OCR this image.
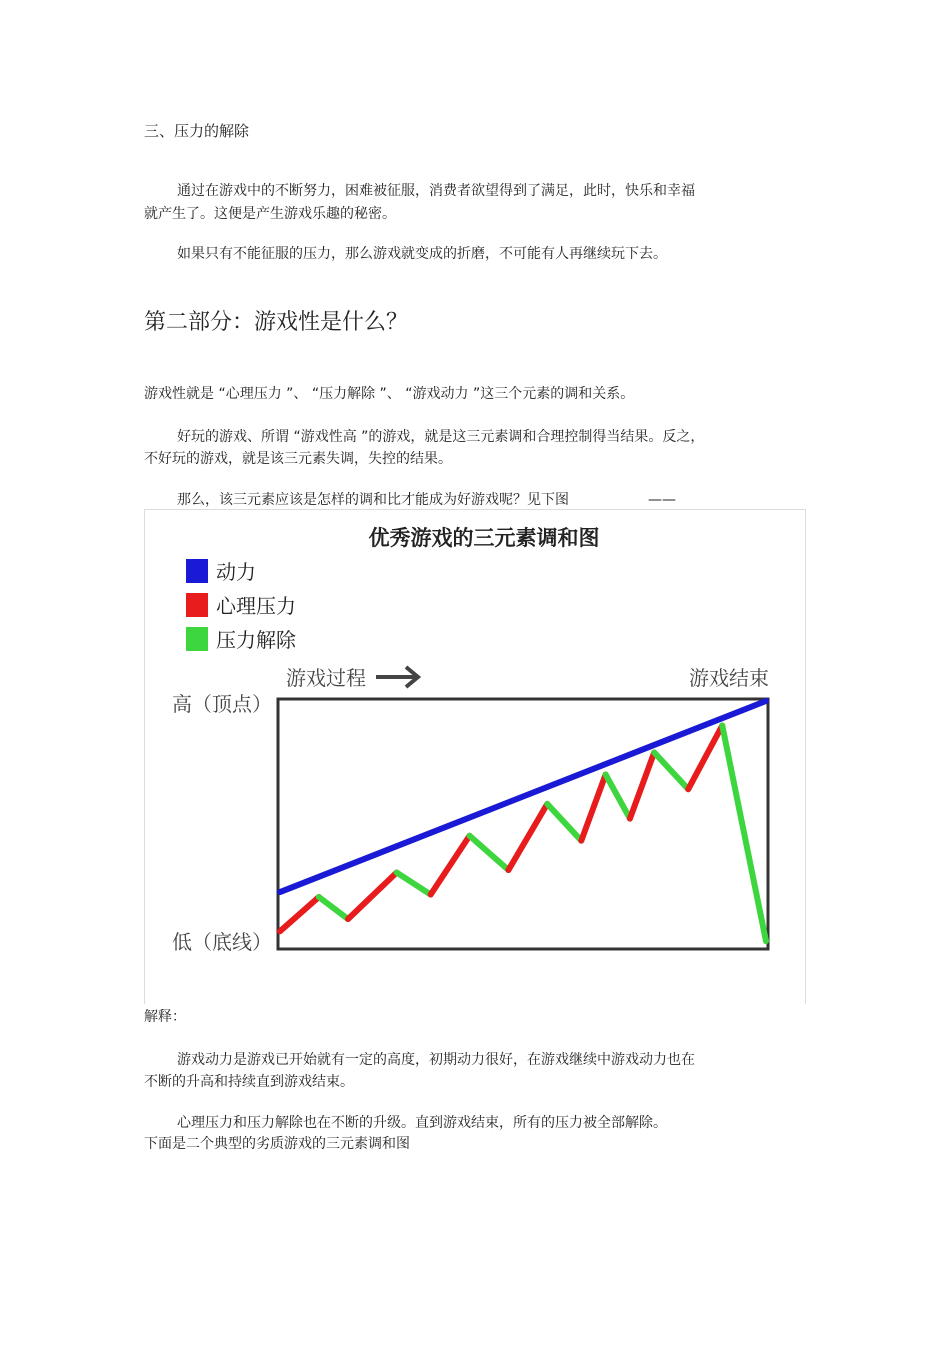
三、压力的解除
通过在游戏中的不断努力，困难被征服，消费者欲望得到了满足，此时，快乐和幸福
就产生了。这便是产生游戏乐趣的秘密。
如果只有不能征服的压力，那么游戏就变成的折磨，不可能有人再继续玩下去。
第二部分：游戏性是什么？
游戏性就是 “心理压力 ”、 “压力解除 ”、 “游戏动力 ”这三个元素的调和关系。
好玩的游戏、所谓 “游戏性高 ”的游戏，就是这三元素调和合理控制得当结果。反之，
不好玩的游戏，就是该三元素失调，失控的结果。
那么，该三元素应该是怎样的调和比才能成为好游戏呢？见下图	——
优秀游戏的三元素调和图
动力
心理压力
压力解除
游戏过程	游戏结束
高（顶点）
低（底线）
解释：
游戏动力是游戏已开始就有一定的高度，初期动力很好，在游戏继续中游戏动力也在
不断的升高和持续直到游戏结束。
心理压力和压力解除也在不断的升级。直到游戏结束，所有的压力被全部解除。
下面是二个典型的劣质游戏的三元素调和图
